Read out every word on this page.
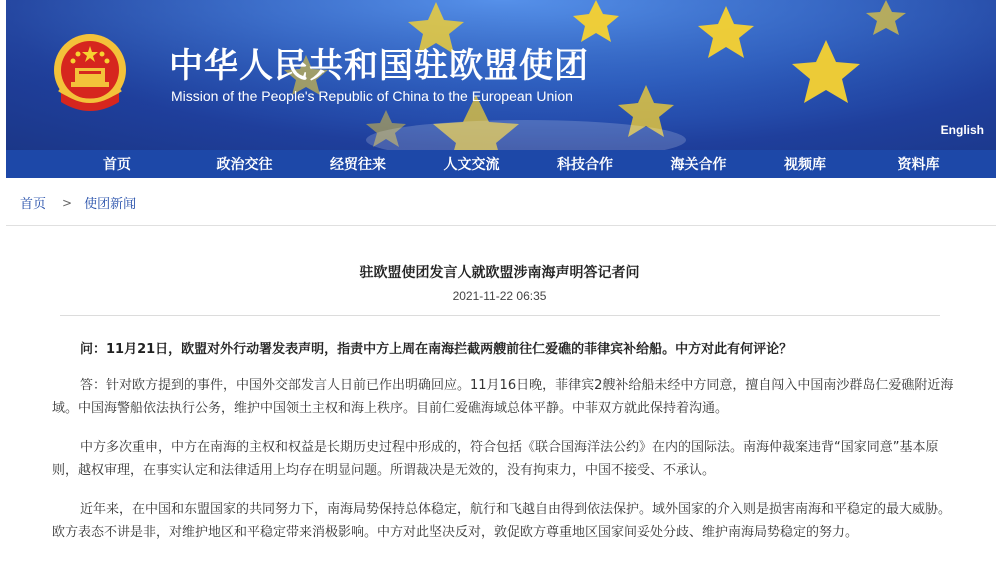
中华人民共和国驻欧盟使团
Mission of the People's Republic of China to the European Union
English
首页	政治交往	经贸往来	人文交流	科技合作	海关合作	视频库	资料库
首页 > 使团新闻
驻欧盟使团发言人就欧盟涉南海声明答记者问
2021-11-22 06:35

问：11月21日，欧盟对外行动署发表声明，指责中方上周在南海拦截两艘前往仁爱礁的菲律宾补给船。中方对此有何评论？

答：针对欧方提到的事件，中国外交部发言人日前已作出明确回应。11月16日晚，菲律宾2艘补给船未经中方同意，擅自闯入中国南沙群岛仁爱礁附近海域。中国海警船依法执行公务，维护中国领土主权和海上秩序。目前仁爱礁海域总体平静。中菲双方就此保持着沟通。

中方多次重申，中方在南海的主权和权益是长期历史过程中形成的，符合包括《联合国海洋法公约》在内的国际法。南海仲裁案违背“国家同意”基本原则，越权审理，在事实认定和法律适用上均存在明显问题。所谓裁决是无效的，没有拘束力，中国不接受、不承认。

近年来，在中国和东盟国家的共同努力下，南海局势保持总体稳定，航行和飞越自由得到依法保护。域外国家的介入则是损害南海和平稳定的最大威胁。欧方表态不讲是非，对维护地区和平稳定带来消极影响。中方对此坚决反对，敦促欧方尊重地区国家间妥处分歧、维护南海局势稳定的努力。
